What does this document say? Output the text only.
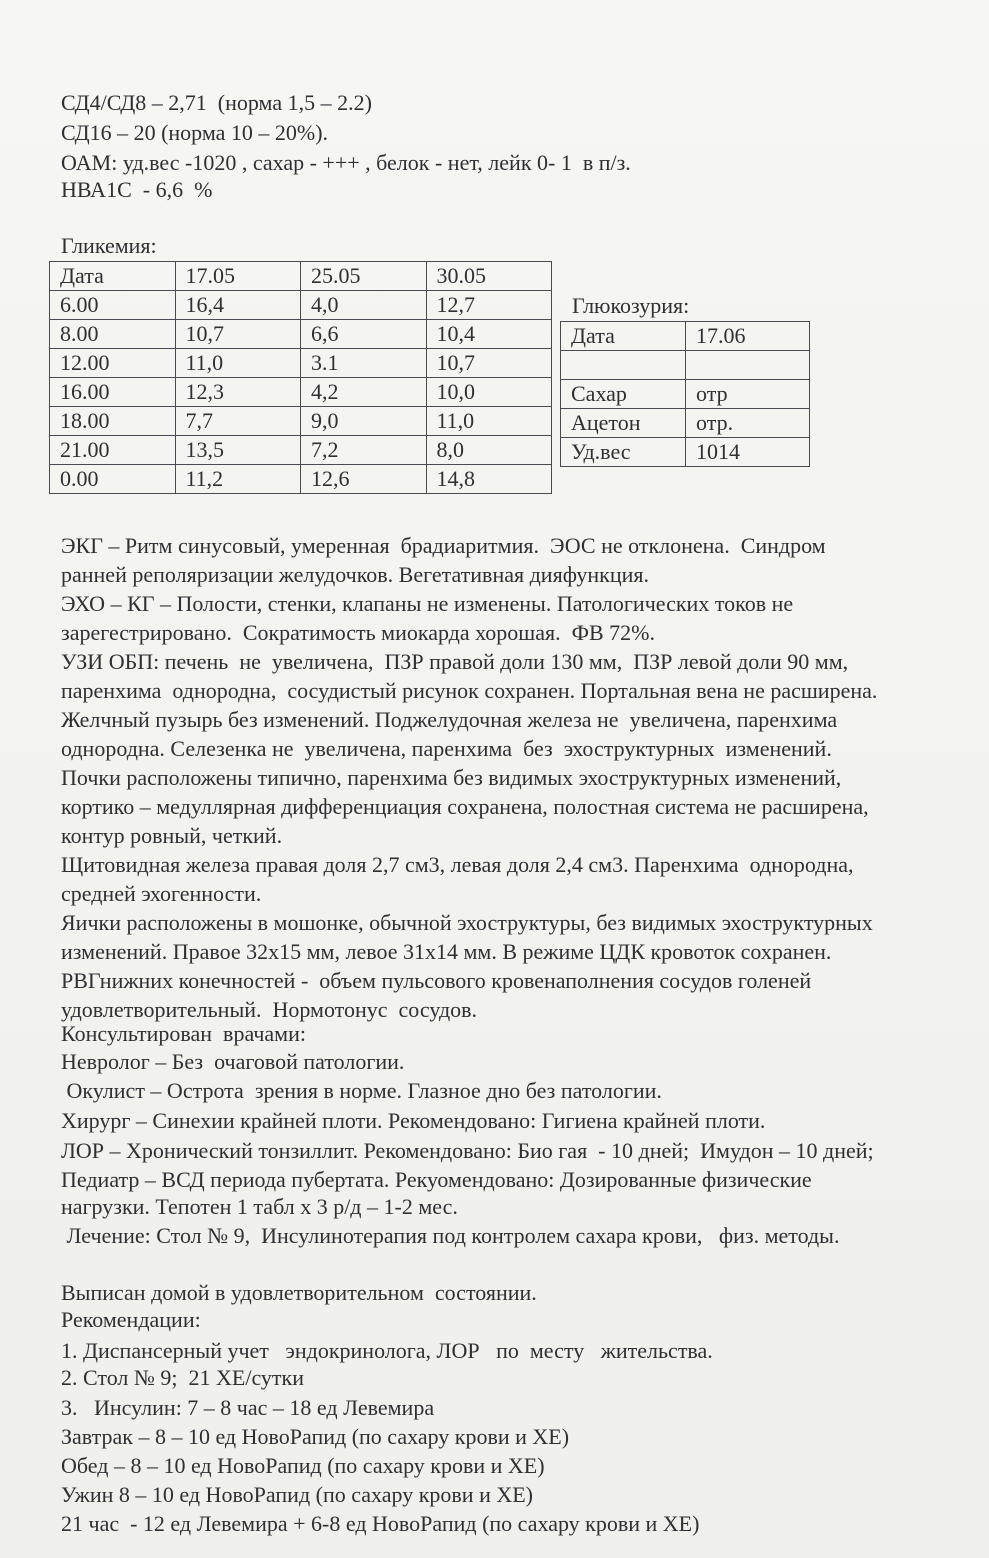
СД4/СД8 – 2,71  (норма 1,5 – 2.2)
СД16 – 20 (норма 10 – 20%).
ОАМ: уд.вес -1020 , сахар - +++ , белок - нет, лейк 0- 1  в п/з.
НВА1С  - 6,6  %
Гликемия:
Дата	17.05	25.05	30.05
6.00	16,4	4,0	12,7
8.00	10,7	6,6	10,4
12.00	11,0	3.1	10,7
16.00	12,3	4,2	10,0
18.00	7,7	9,0	11,0
21.00	13,5	7,2	8,0
0.00	11,2	12,6	14,8
Глюкозурия:
Дата	17.06

Сахар	отр
Ацетон	отр.
Уд.вес	1014
ЭКГ – Ритм синусовый, умеренная  брадиаритмия.  ЭОС не отклонена.  Синдром
ранней реполяризации желудочков. Вегетативная дияфункция.
ЭХО – КГ – Полости, стенки, клапаны не изменены. Патологических токов не
зарегестрировано.  Сократимость миокарда хорошая.  ФВ 72%.
УЗИ ОБП: печень  не  увеличена,  ПЗР правой доли 130 мм,  ПЗР левой доли 90 мм,
паренхима  однородна,  сосудистый рисунок сохранен. Портальная вена не расширена.
Желчный пузырь без изменений. Поджелудочная железа не  увеличена, паренхима
однородна. Селезенка не  увеличена, паренхима  без  эхоструктурных  изменений.
Почки расположены типично, паренхима без видимых эхоструктурных изменений,
кортико – медуллярная дифференциация сохранена, полостная система не расширена,
контур ровный, четкий.
Щитовидная железа правая доля 2,7 см3, левая доля 2,4 см3. Паренхима  однородна,
средней эхогенности.
Яички расположены в мошонке, обычной эхоструктуры, без видимых эхоструктурных
изменений. Правое 32х15 мм, левое 31х14 мм. В режиме ЦДК кровоток сохранен.
РВГнижних конечностей -  объем пульсового кровенаполнения сосудов голеней
удовлетворительный.  Нормотонус  сосудов.
Консультирован  врачами:
Невролог – Без  очаговой патологии.
Окулист – Острота  зрения в норме. Глазное дно без патологии.
Хирург – Синехии крайней плоти. Рекомендовано: Гигиена крайней плоти.
ЛОР – Хронический тонзиллит. Рекомендовано: Био гая  - 10 дней;  Имудон – 10 дней;
Педиатр – ВСД периода пубертата. Рекуомендовано: Дозированные физические
нагрузки. Тепотен 1 табл х 3 р/д – 1-2 мес.
Лечение: Стол № 9,  Инсулинотерапия под контролем сахара крови,   физ. методы.
Выписан домой в удовлетворительном  состоянии.
Рекомендации:
1. Диспансерный учет   эндокринолога, ЛОР   по  месту   жительства.
2. Стол № 9;  21 ХЕ/сутки
3.   Инсулин: 7 – 8 час – 18 ед Левемира
Завтрак – 8 – 10 ед НовоРапид (по сахару крови и ХЕ)
Обед – 8 – 10 ед НовоРапид (по сахару крови и ХЕ)
Ужин 8 – 10 ед НовоРапид (по сахару крови и ХЕ)
21 час  - 12 ед Левемира + 6-8 ед НовоРапид (по сахару крови и ХЕ)
